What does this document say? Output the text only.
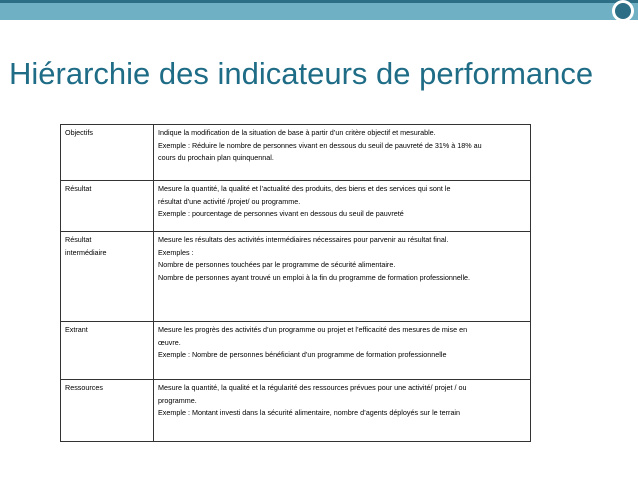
Hiérarchie des indicateurs de performance
Objectifs	Indique la modification de la situation de base à partir d’un critère objectif et mesurable.
Exemple : Réduire le nombre de personnes vivant en dessous du seuil de pauvreté de 31% à 18% au
cours du prochain plan quinquennal.

Résultat	Mesure la quantité, la qualité et l’actualité des produits, des biens et des services qui sont le
résultat d’une activité /projet/ ou programme.
Exemple : pourcentage de personnes vivant en dessous du seuil de pauvreté

Résultat
intermédiaire	Mesure les résultats des activités intermédiaires nécessaires pour parvenir au résultat final.
Exemples :
Nombre de personnes touchées par le programme de sécurité alimentaire.
Nombre de personnes ayant trouvé un emploi à la fin du programme de formation professionnelle.

Extrant	Mesure les progrès des activités d’un programme ou projet et l’efficacité des mesures de mise en
œuvre.
Exemple : Nombre de personnes bénéficiant d’un programme de formation professionnelle

Ressources	Mesure la quantité, la qualité et la régularité des ressources prévues pour une activité/ projet / ou
programme.
Exemple : Montant investi dans la sécurité alimentaire, nombre d’agents déployés sur le terrain
